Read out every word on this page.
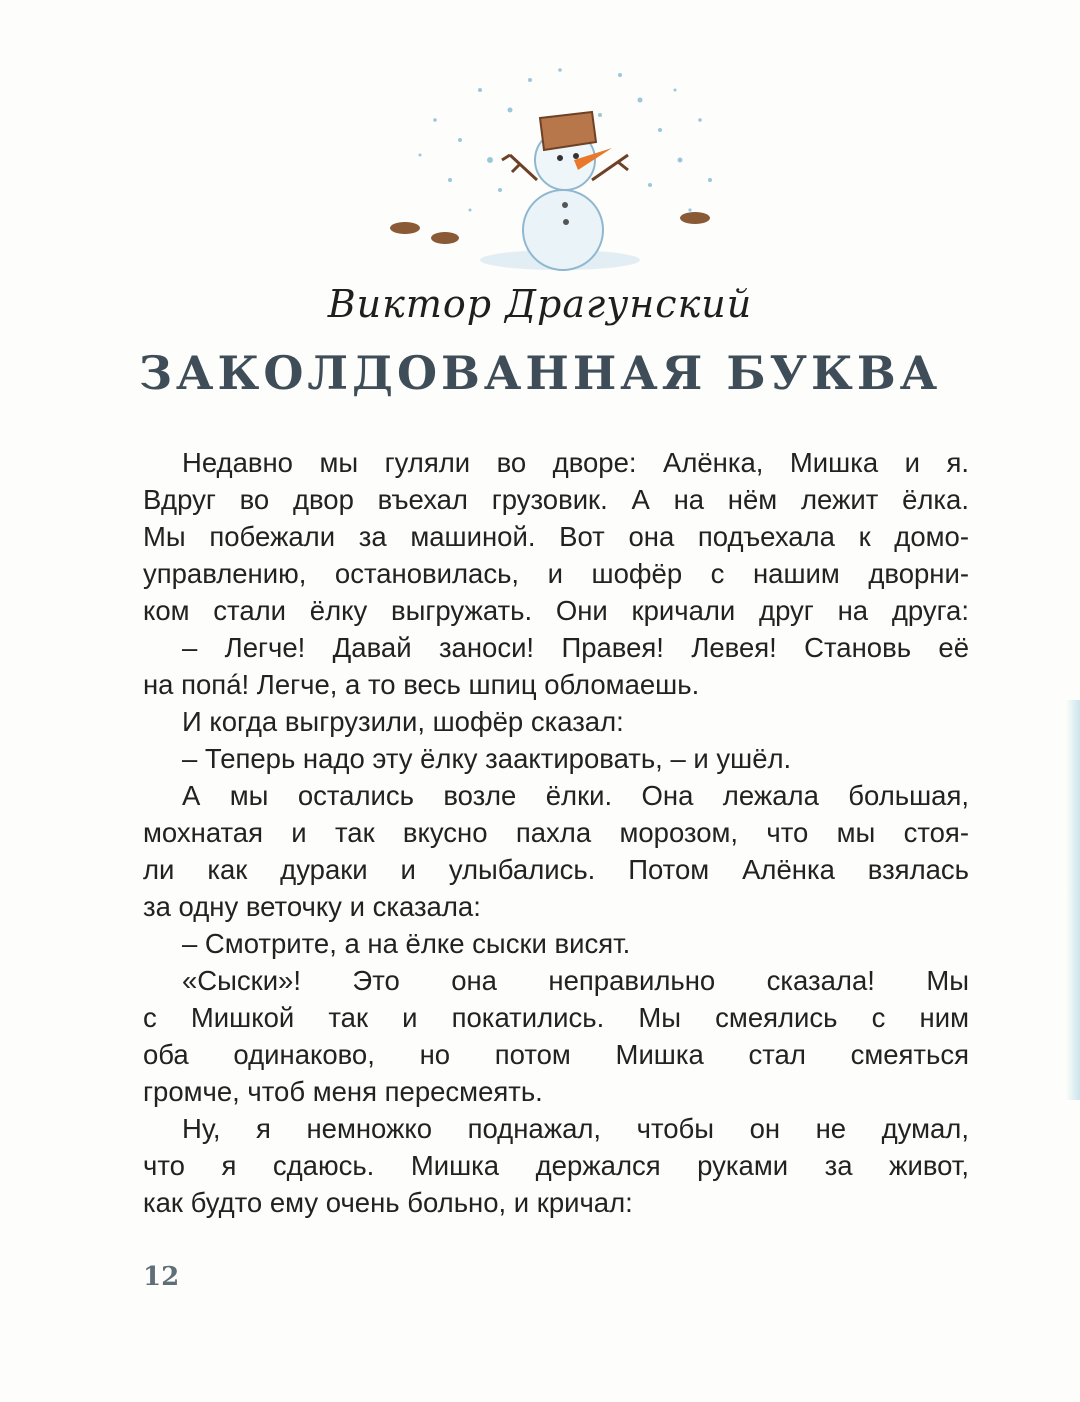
Виктор Драгунский
ЗАКОЛДОВАННАЯ БУКВА

Недавно мы гуляли во дворе: Алёнка, Мишка и я.

Вдруг во двор въехал грузовик. А на нём лежит ёлка.

Мы побежали за машиной. Вот она подъехала к домо-

управлению, остановилась, и шофёр с нашим дворни-

ком стали ёлку выгружать. Они кричали друг на друга:

– Легче! Давай заноси! Правея! Левея! Становь её

на попá! Легче, а то весь шпиц обломаешь.

И когда выгрузили, шофёр сказал:

– Теперь надо эту ёлку заактировать, – и ушёл.

А мы остались возле ёлки. Она лежала большая,

мохнатая и так вкусно пахла морозом, что мы стоя-

ли как дураки и улыбались. Потом Алёнка взялась

за одну веточку и сказала:

– Смотрите, а на ёлке сыски висят.

«Сыски»! Это она неправильно сказала! Мы

с Мишкой так и покатились. Мы смеялись с ним

оба одинаково, но потом Мишка стал смеяться

громче, чтоб меня пересмеять.

Ну, я немножко поднажал, чтобы он не думал,

что я сдаюсь. Мишка держался руками за живот,

как будто ему очень больно, и кричал:

12
